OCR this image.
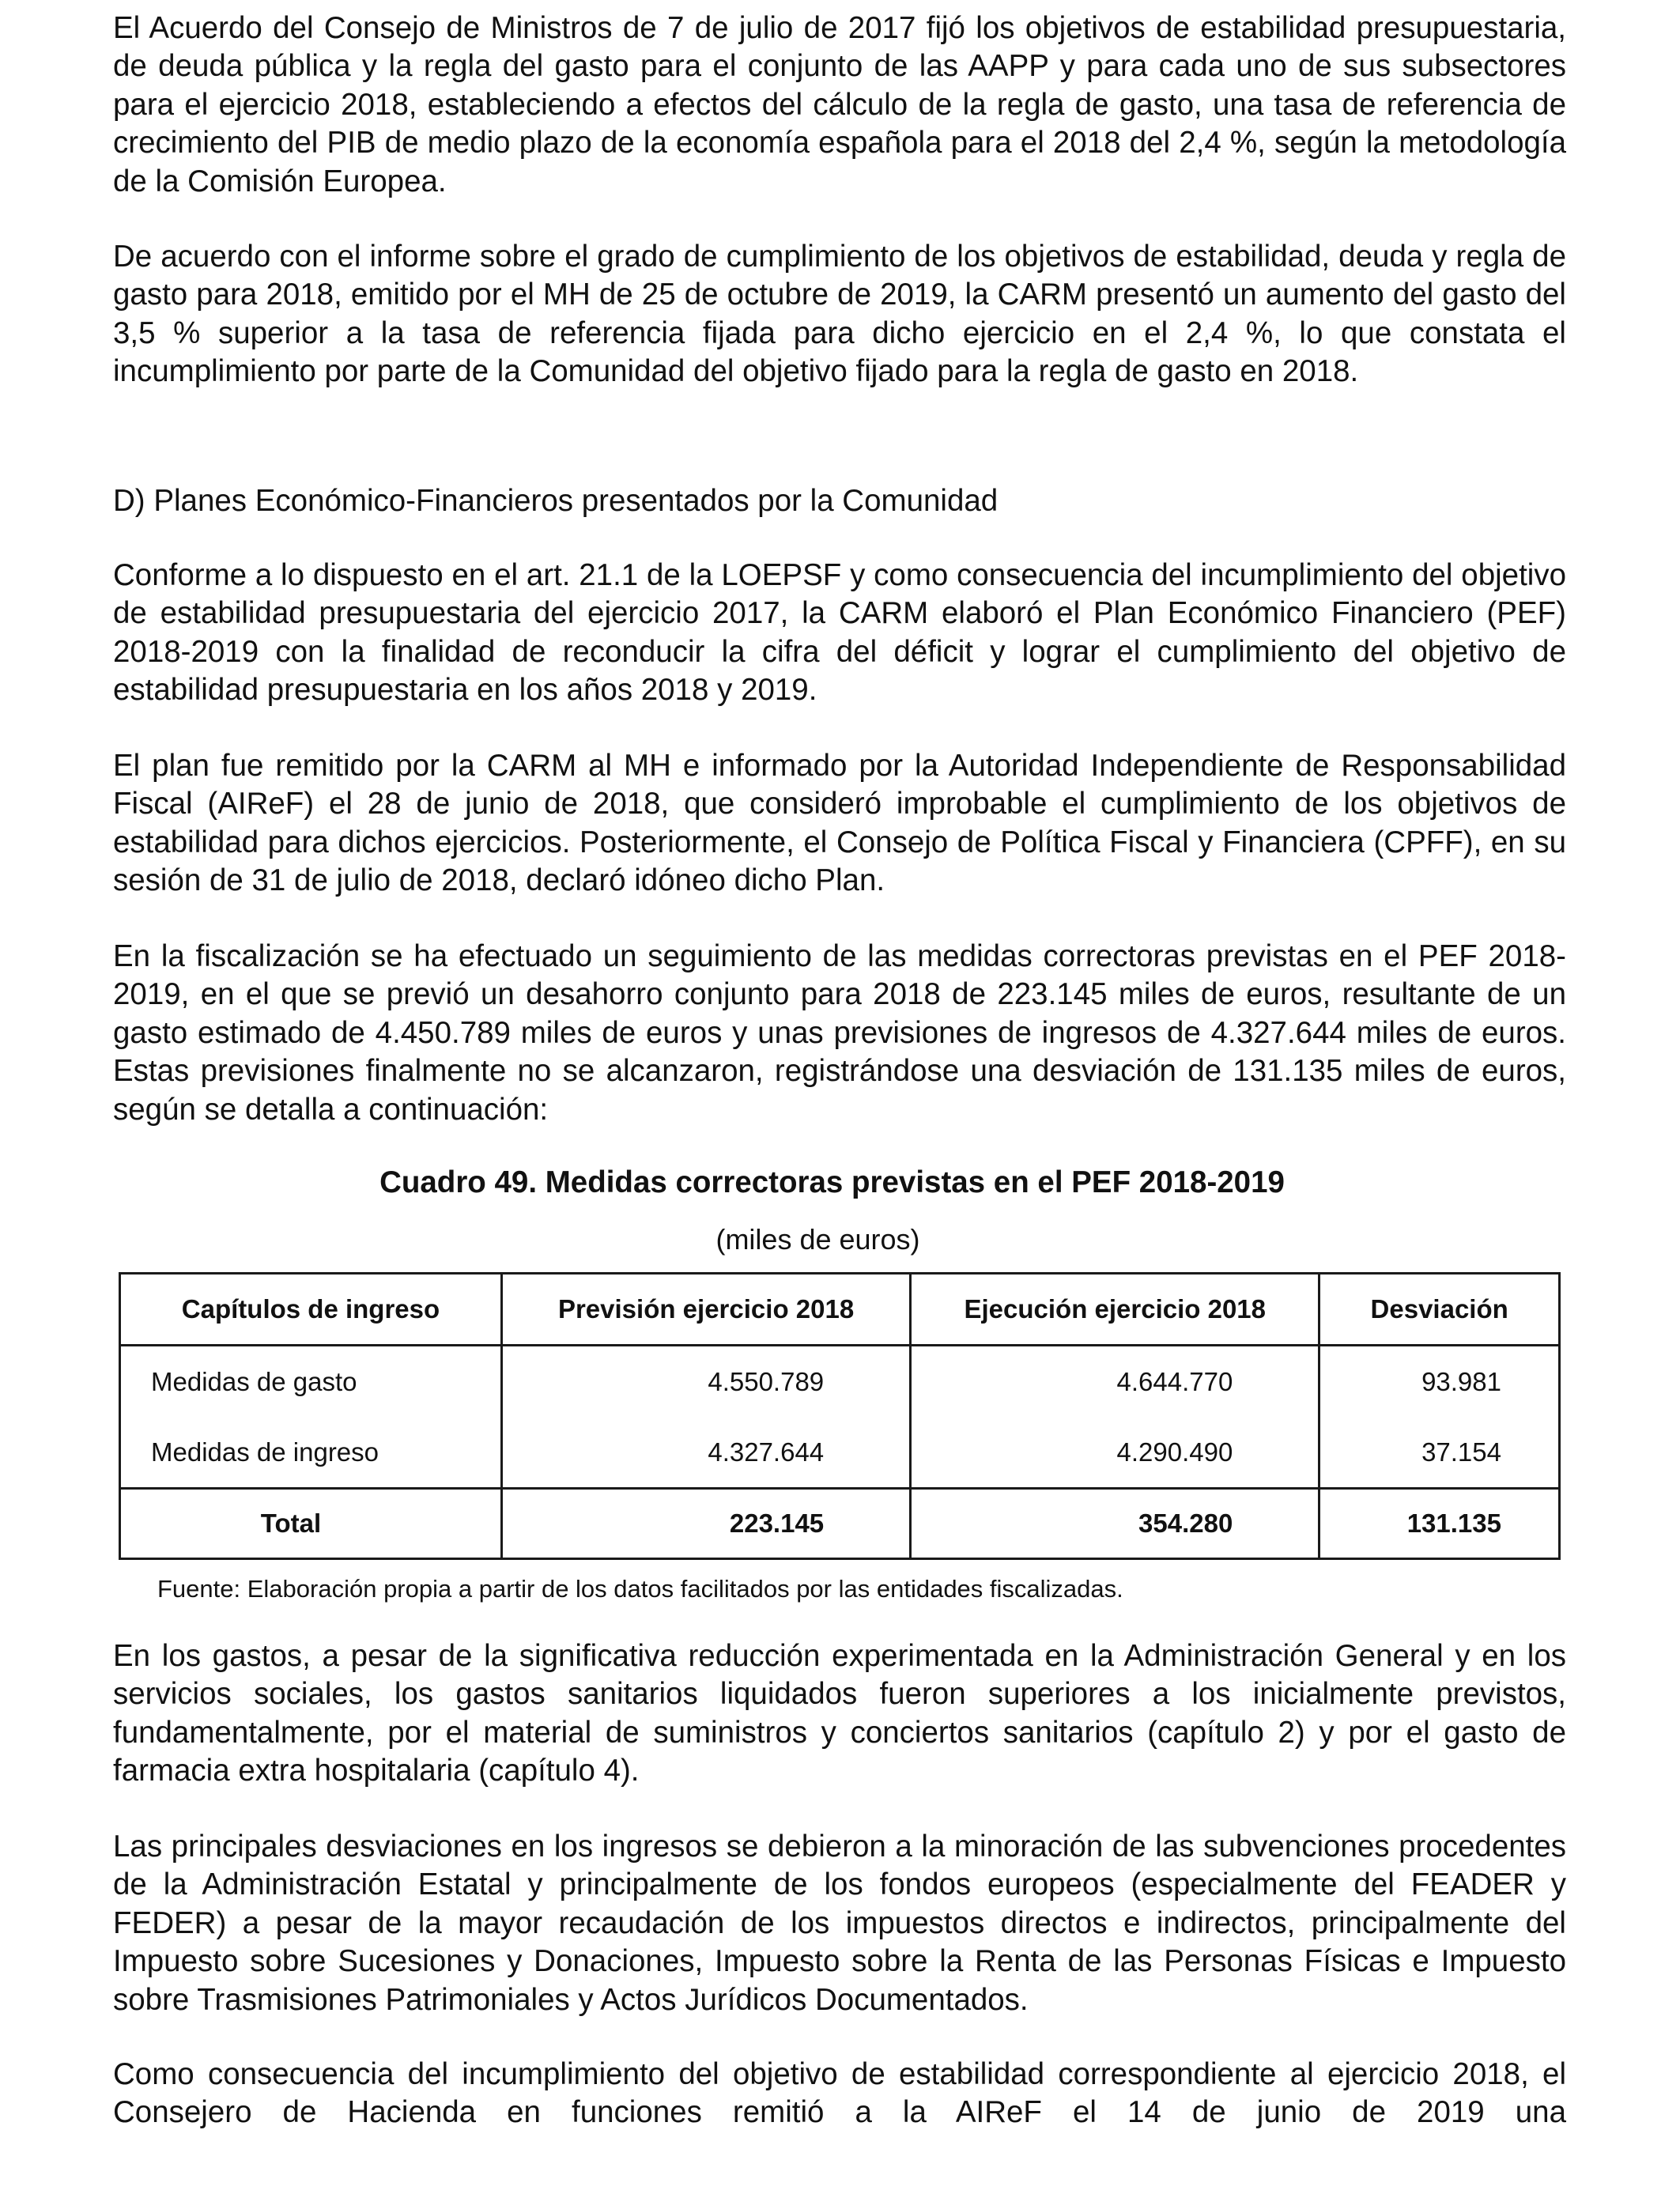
El Acuerdo del Consejo de Ministros de 7 de julio de 2017 fijó los objetivos de estabilidad presupuestaria, de deuda pública y la regla del gasto para el conjunto de las AAPP y para cada uno de sus subsectores para el ejercicio 2018, estableciendo a efectos del cálculo de la regla de gasto, una tasa de referencia de crecimiento del PIB de medio plazo de la economía española para el 2018 del 2,4 %, según la metodología de la Comisión Europea.

De acuerdo con el informe sobre el grado de cumplimiento de los objetivos de estabilidad, deuda y regla de gasto para 2018, emitido por el MH de 25 de octubre de 2019, la CARM presentó un aumento del gasto del 3,5 % superior a la tasa de referencia fijada para dicho ejercicio en el 2,4 %, lo que constata el incumplimiento por parte de la Comunidad del objetivo fijado para la regla de gasto en 2018.

D) Planes Económico-Financieros presentados por la Comunidad

Conforme a lo dispuesto en el art. 21.1 de la LOEPSF y como consecuencia del incumplimiento del objetivo de estabilidad presupuestaria del ejercicio 2017, la CARM elaboró el Plan Económico Financiero (PEF) 2018-2019 con la finalidad de reconducir la cifra del déficit y lograr el cumplimiento del objetivo de estabilidad presupuestaria en los años 2018 y 2019.

El plan fue remitido por la CARM al MH e informado por la Autoridad Independiente de Responsabilidad Fiscal (AIReF) el 28 de junio de 2018, que consideró improbable el cumplimiento de los objetivos de estabilidad para dichos ejercicios. Posteriormente, el Consejo de Política Fiscal y Financiera (CPFF), en su sesión de 31 de julio de 2018, declaró idóneo dicho Plan.

En la fiscalización se ha efectuado un seguimiento de las medidas correctoras previstas en el PEF 2018-2019, en el que se previó un desahorro conjunto para 2018 de 223.145 miles de euros, resultante de un gasto estimado de 4.450.789 miles de euros y unas previsiones de ingresos de 4.327.644 miles de euros. Estas previsiones finalmente no se alcanzaron, registrándose una desviación de 131.135 miles de euros, según se detalla a continuación:

Cuadro 49. Medidas correctoras previstas en el PEF 2018-2019

(miles de euros)

Capítulos de ingreso	Previsión ejercicio 2018	Ejecución ejercicio 2018	Desviación
Medidas de gasto	4.550.789	4.644.770	93.981
Medidas de ingreso	4.327.644	4.290.490	37.154
Total	223.145	354.280	131.135

Fuente: Elaboración propia a partir de los datos facilitados por las entidades fiscalizadas.

En los gastos, a pesar de la significativa reducción experimentada en la Administración General y en los servicios sociales, los gastos sanitarios liquidados fueron superiores a los inicialmente previstos, fundamentalmente, por el material de suministros y conciertos sanitarios (capítulo 2) y por el gasto de farmacia extra hospitalaria (capítulo 4).

Las principales desviaciones en los ingresos se debieron a la minoración de las subvenciones procedentes de la Administración Estatal y principalmente de los fondos europeos (especialmente del FEADER y FEDER) a pesar de la mayor recaudación de los impuestos directos e indirectos, principalmente del Impuesto sobre Sucesiones y Donaciones, Impuesto sobre la Renta de las Personas Físicas e Impuesto sobre Trasmisiones Patrimoniales y Actos Jurídicos Documentados.

Como consecuencia del incumplimiento del objetivo de estabilidad correspondiente al ejercicio 2018, el Consejero de Hacienda en funciones remitió a la AIReF el 14 de junio de 2019 una
